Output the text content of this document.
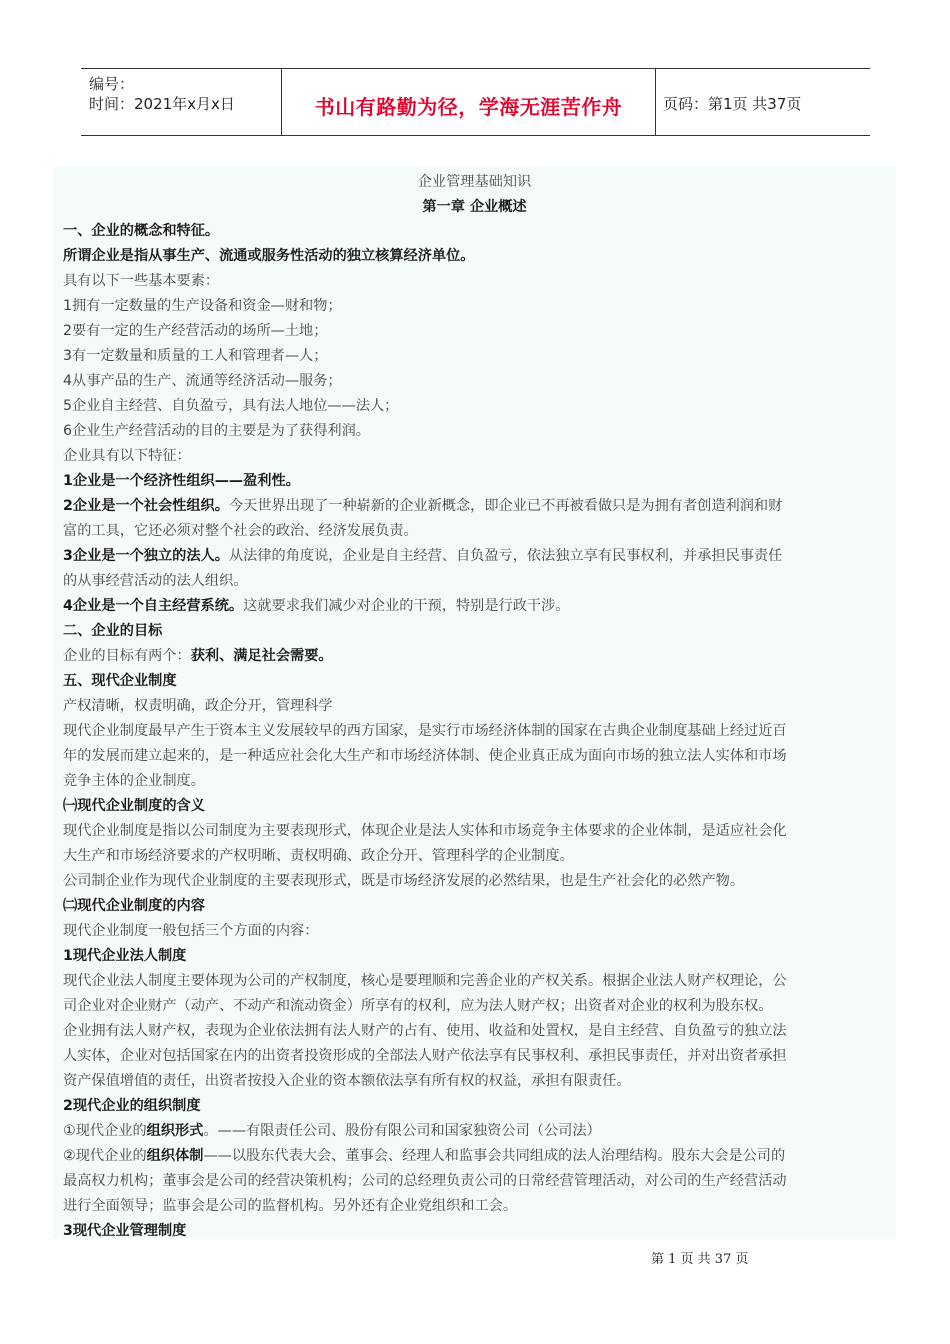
编号：
时间：2021年x月x日	书山有路勤为径，学海无涯苦作舟	页码：第1页 共37页
企业管理基础知识
第一章 企业概述
一、企业的概念和特征。
所谓企业是指从事生产、流通或服务性活动的独立核算经济单位。
具有以下一些基本要素：
1拥有一定数量的生产设备和资金—财和物；
2要有一定的生产经营活动的场所—土地；
3有一定数量和质量的工人和管理者—人；
4从事产品的生产、流通等经济活动—服务；
5企业自主经营、自负盈亏，具有法人地位——法人；
6企业生产经营活动的目的主要是为了获得利润。
企业具有以下特征：
1企业是一个经济性组织——盈利性。
2企业是一个社会性组织。今天世界出现了一种崭新的企业新概念，即企业已不再被看做只是为拥有者创造利润和财
富的工具，它还必须对整个社会的政治、经济发展负责。
3企业是一个独立的法人。从法律的角度说，企业是自主经营、自负盈亏，依法独立享有民事权利，并承担民事责任
的从事经营活动的法人组织。
4企业是一个自主经营系统。这就要求我们减少对企业的干预，特别是行政干涉。
二、企业的目标
企业的目标有两个：获利、满足社会需要。
五、现代企业制度
产权清晰，权责明确，政企分开，管理科学
现代企业制度最早产生于资本主义发展较早的西方国家，是实行市场经济体制的国家在古典企业制度基础上经过近百
年的发展而建立起来的，是一种适应社会化大生产和市场经济体制、使企业真正成为面向市场的独立法人实体和市场
竞争主体的企业制度。
㈠现代企业制度的含义
现代企业制度是指以公司制度为主要表现形式，体现企业是法人实体和市场竞争主体要求的企业体制，是适应社会化
大生产和市场经济要求的产权明晰、责权明确、政企分开、管理科学的企业制度。
公司制企业作为现代企业制度的主要表现形式，既是市场经济发展的必然结果，也是生产社会化的必然产物。
㈡现代企业制度的内容
现代企业制度一般包括三个方面的内容：
1现代企业法人制度
现代企业法人制度主要体现为公司的产权制度，核心是要理顺和完善企业的产权关系。根据企业法人财产权理论，公
司企业对企业财产（动产、不动产和流动资金）所享有的权利，应为法人财产权；出资者对企业的权利为股东权。
企业拥有法人财产权，表现为企业依法拥有法人财产的占有、使用、收益和处置权，是自主经营、自负盈亏的独立法
人实体，企业对包括国家在内的出资者投资形成的全部法人财产依法享有民事权利、承担民事责任，并对出资者承担
资产保值增值的责任，出资者按投入企业的资本额依法享有所有权的权益，承担有限责任。
2现代企业的组织制度
①现代企业的组织形式。——有限责任公司、股份有限公司和国家独资公司（公司法）
②现代企业的组织体制——以股东代表大会、董事会、经理人和监事会共同组成的法人治理结构。股东大会是公司的
最高权力机构；董事会是公司的经营决策机构；公司的总经理负责公司的日常经营管理活动，对公司的生产经营活动
进行全面领导；监事会是公司的监督机构。另外还有企业党组织和工会。
3现代企业管理制度
第 1 页 共 37 页
